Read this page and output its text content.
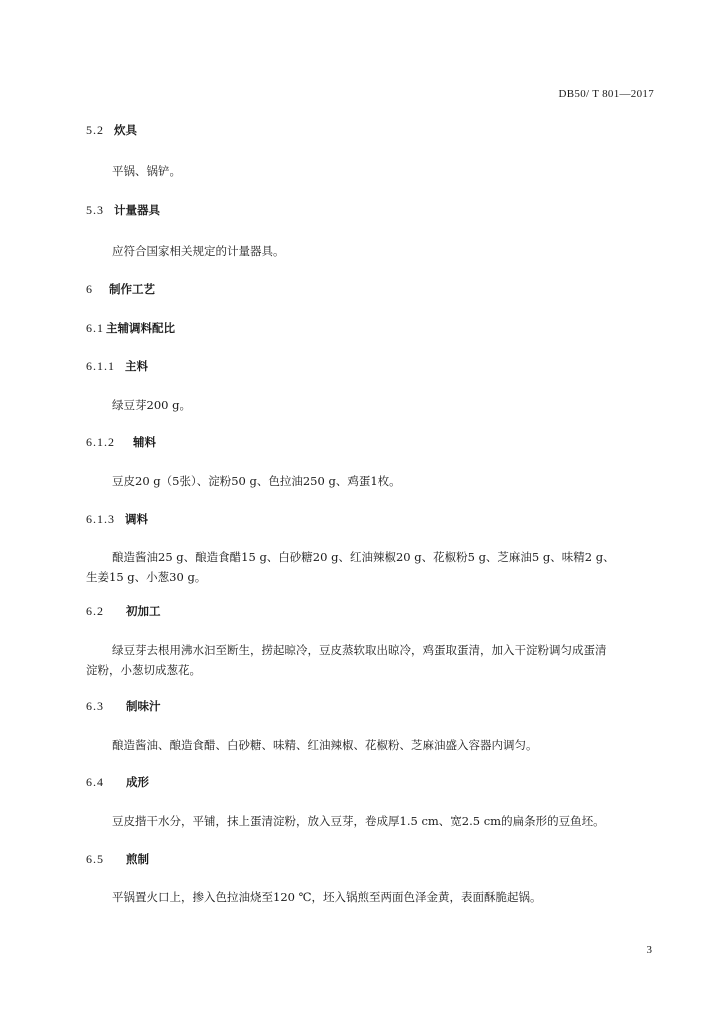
DB50/ T 801—2017
5.2 炊具
平锅、锅铲。
5.3 计量器具
应符合国家相关规定的计量器具。
6 制作工艺
6.1 主辅调料配比
6.1.1 主料
绿豆芽200 g。
6.1.2 辅料
豆皮20 g（5张）、淀粉50 g、色拉油250 g、鸡蛋1枚。
6.1.3 调料
酿造酱油25 g、酿造食醋15 g、白砂糖20 g、红油辣椒20 g、花椒粉5 g、芝麻油5 g、味精2 g、
生姜15 g、小葱30 g。
6.2 初加工
绿豆芽去根用沸水汩至断生，捞起晾冷，豆皮蒸软取出晾冷，鸡蛋取蛋清，加入干淀粉调匀成蛋清
淀粉，小葱切成葱花。
6.3 制味汁
酿造酱油、酿造食醋、白砂糖、味精、红油辣椒、花椒粉、芝麻油盛入容器内调匀。
6.4 成形
豆皮揩干水分，平铺，抹上蛋清淀粉，放入豆芽，卷成厚1.5 cm、宽2.5 cm的扁条形的豆鱼坯。
6.5 煎制
平锅置火口上，掺入色拉油烧至120 ℃，坯入锅煎至两面色泽金黄，表面酥脆起锅。
3
